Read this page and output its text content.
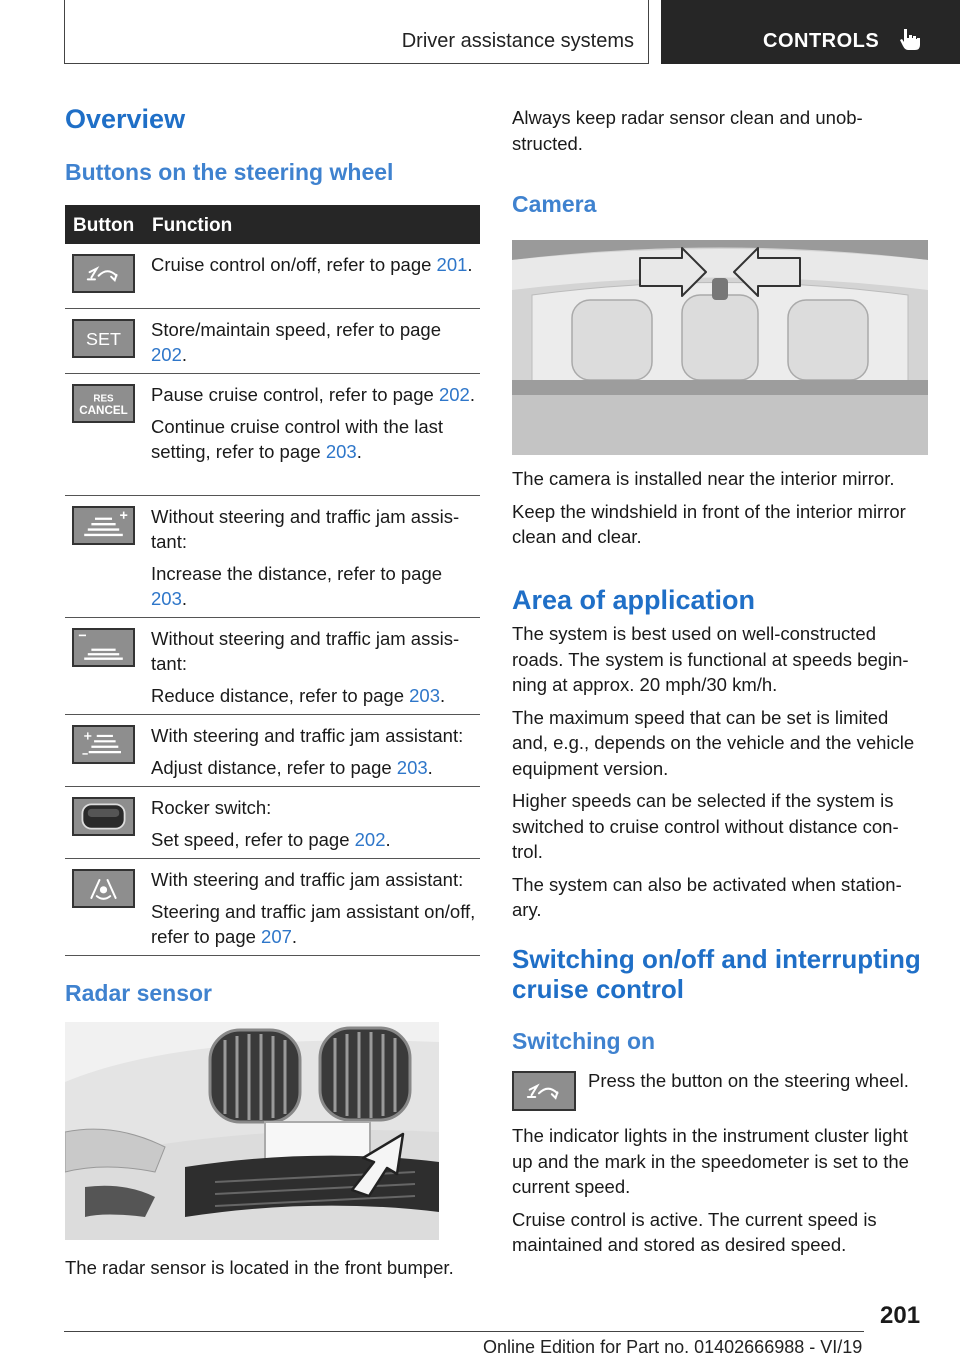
Driver assistance systems	CONTROLS
Overview
Buttons on the steering wheel
Button Function

Cruise control on/off, refer to page 201.

SET Store/maintain speed, refer to page 202.

RES
CANCEL

Pause cruise control, refer to page 202.

Continue cruise control with the last setting, refer to page 203.

Without steering and traffic jam assis-tant:

Increase the distance, refer to page 203.

Without steering and traffic jam assis-tant:

Reduce distance, refer to page 203.

With steering and traffic jam assistant:

Adjust distance, refer to page 203.

Rocker switch:

Set speed, refer to page 202.

With steering and traffic jam assistant:

Steering and traffic jam assistant on/off, refer to page 207.

Radar sensor
The radar sensor is located in the front bumper.
Always keep radar sensor clean and unob-structed.
Camera

The camera is installed near the interior mirror.

Keep the windshield in front of the interior mirror clean and clear.

Area of application

The system is best used on well-constructed roads. The system is functional at speeds begin-ning at approx. 20 mph/30 km/h.

The maximum speed that can be set is limited and, e.g., depends on the vehicle and the vehicle equipment version.

Higher speeds can be selected if the system is switched to cruise control without distance con-trol.

The system can also be activated when station-ary.

Switching on/off and interrupting cruise control
Switching on
Press the button on the steering wheel.

The indicator lights in the instrument cluster light up and the mark in the speedometer is set to the current speed.

Cruise control is active. The current speed is maintained and stored as desired speed.

201
Online Edition for Part no. 01402666988 - VI/19
